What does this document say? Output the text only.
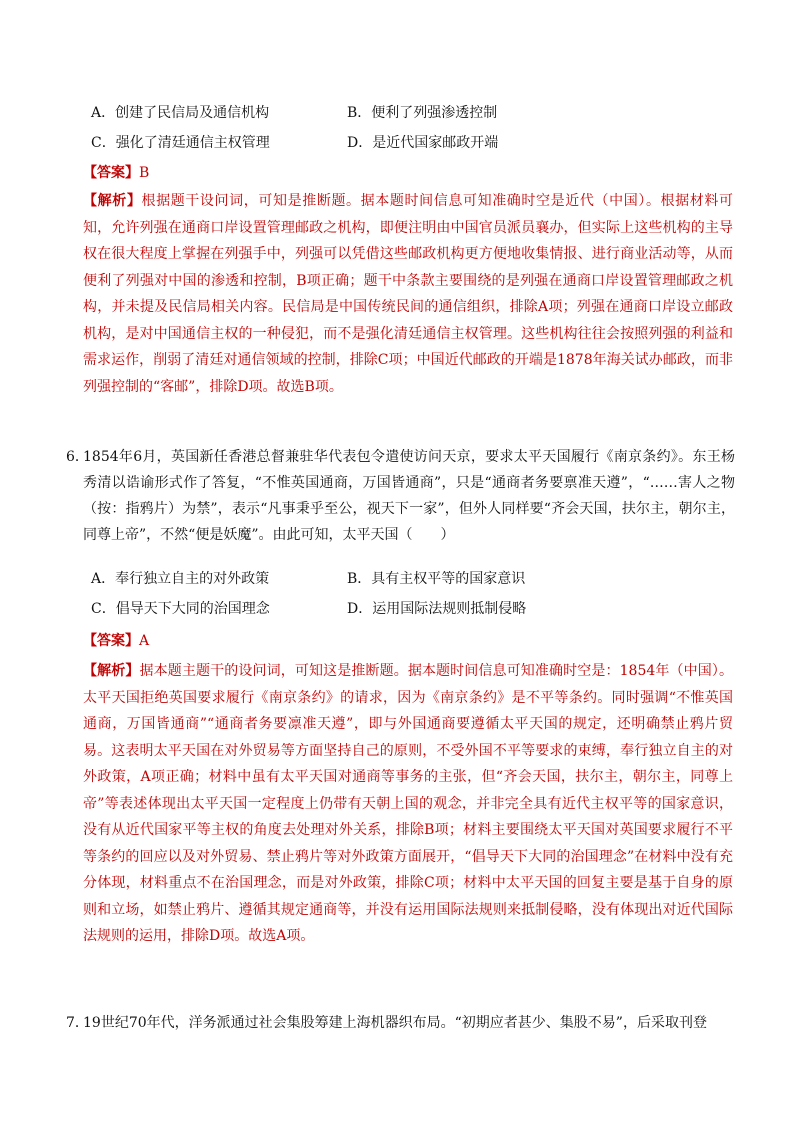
A．创建了民信局及通信机构	B．便利了列强渗透控制
C．强化了清廷通信主权管理	D．是近代国家邮政开端
【答案】B
【解析】根据题干设问词，可知是推断题。据本题时间信息可知准确时空是近代（中国）。根据材料可知，允许列强在通商口岸设置管理邮政之机构，即便注明由中国官员派员襄办，但实际上这些机构的主导权在很大程度上掌握在列强手中，列强可以凭借这些邮政机构更方便地收集情报、进行商业活动等，从而便利了列强对中国的渗透和控制，B项正确；题干中条款主要围绕的是列强在通商口岸设置管理邮政之机构，并未提及民信局相关内容。民信局是中国传统民间的通信组织，排除A项；列强在通商口岸设立邮政机构，是对中国通信主权的一种侵犯，而不是强化清廷通信主权管理。这些机构往往会按照列强的利益和需求运作，削弱了清廷对通信领域的控制，排除C项；中国近代邮政的开端是1878年海关试办邮政，而非列强控制的“客邮”，排除D项。故选B项。
6．
1854年6月，英国新任香港总督兼驻华代表包令遣使访问天京，要求太平天国履行《南京条约》。东王杨秀清以诰谕形式作了答复，“不惟英国通商，万国皆通商”，只是“通商者务要禀准天遵”，“……害人之物（按：指鸦片）为禁”，表示“凡事秉乎至公，视天下一家”，但外人同样要“齐会天国，扶尔主，朝尔主，同尊上帝”，不然“便是妖魔”。由此可知，太平天国（　　）
A．奉行独立自主的对外政策	B．具有主权平等的国家意识
C．倡导天下大同的治国理念	D．运用国际法规则抵制侵略
【答案】A
【解析】据本题主题干的设问词，可知这是推断题。据本题时间信息可知准确时空是：1854年（中国）。太平天国拒绝英国要求履行《南京条约》的请求，因为《南京条约》是不平等条约。同时强调“不惟英国通商，万国皆通商”“通商者务要凛准天遵”，即与外国通商要遵循太平天国的规定，还明确禁止鸦片贸易。这表明太平天国在对外贸易等方面坚持自己的原则，不受外国不平等要求的束缚，奉行独立自主的对外政策，A项正确；材料中虽有太平天国对通商等事务的主张，但“齐会天国，扶尔主，朝尔主，同尊上帝”等表述体现出太平天国一定程度上仍带有天朝上国的观念，并非完全具有近代主权平等的国家意识，没有从近代国家平等主权的角度去处理对外关系，排除B项；材料主要围绕太平天国对英国要求履行不平等条约的回应以及对外贸易、禁止鸦片等对外政策方面展开，“倡导天下大同的治国理念”在材料中没有充分体现，材料重点不在治国理念，而是对外政策，排除C项；材料中太平天国的回复主要是基于自身的原则和立场，如禁止鸦片、遵循其规定通商等，并没有运用国际法规则来抵制侵略，没有体现出对近代国际法规则的运用，排除D项。故选A项。
7．
19世纪70年代，洋务派通过社会集股筹建上海机器织布局。“初期应者甚少、集股不易”，后采取刊登
